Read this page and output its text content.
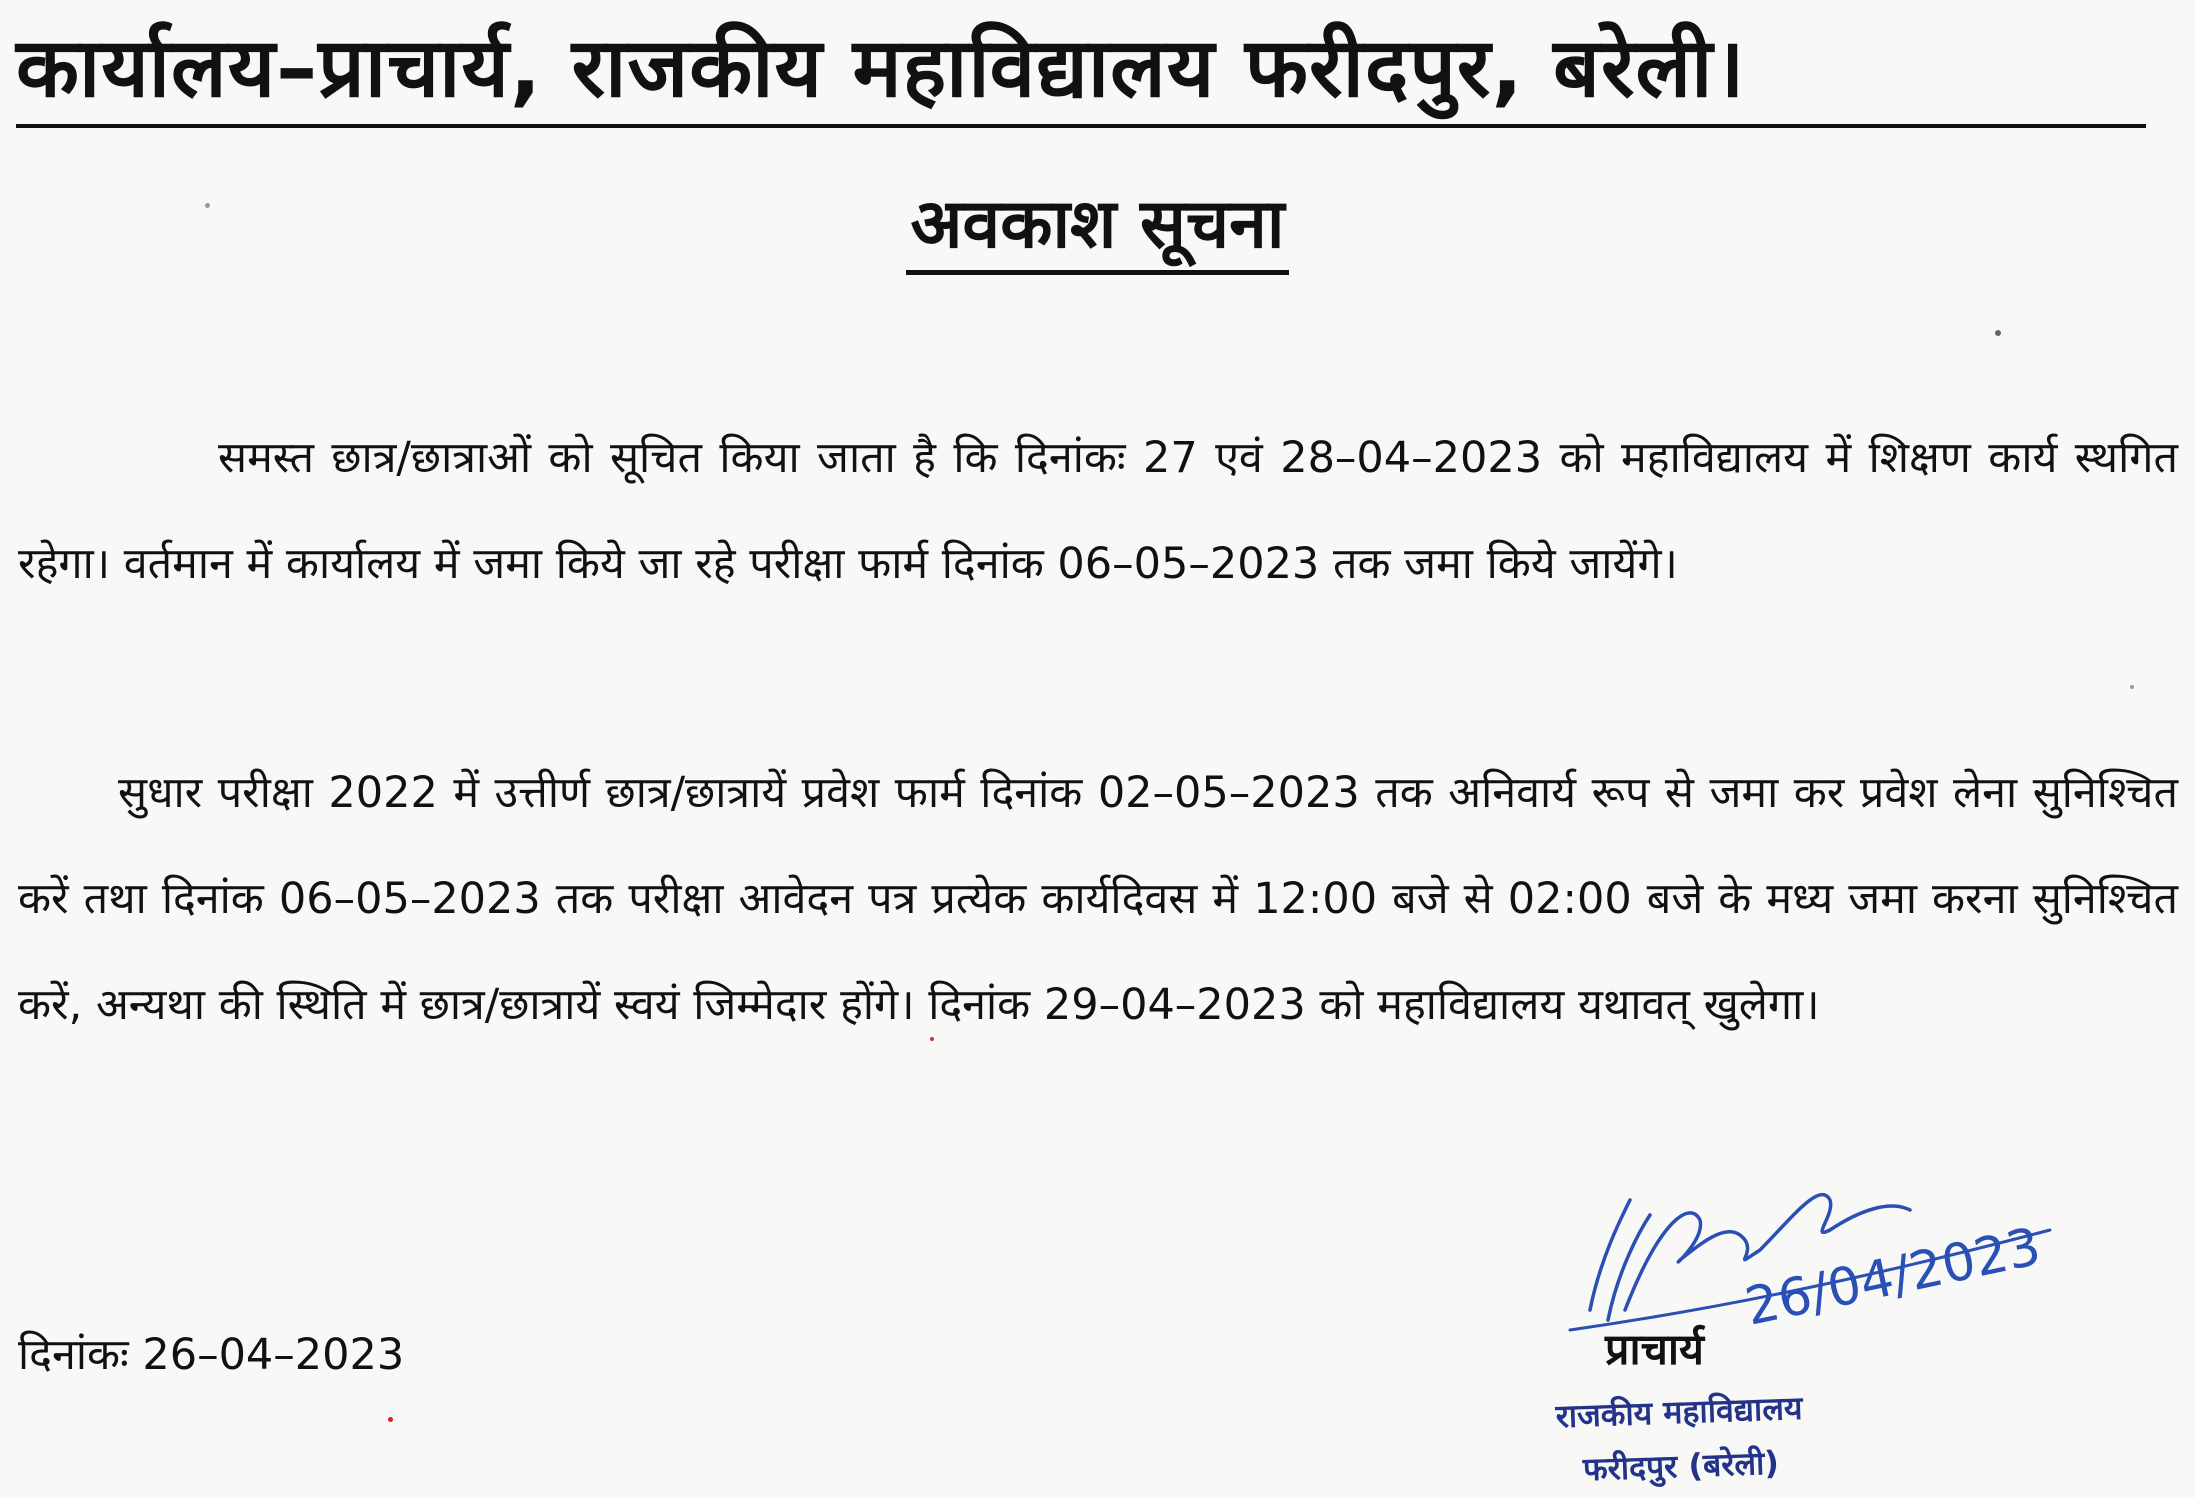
कार्यालय–प्राचार्य, राजकीय महाविद्यालय फरीदपुर, बरेली।
अवकाश सूचना

समस्त छात्र/छात्राओं को सूचित किया जाता है कि दिनांकः 27 एवं 28–04–2023 को महाविद्यालय में शिक्षण कार्य स्थगित रहेगा। वर्तमान में कार्यालय में जमा किये जा रहे परीक्षा फार्म दिनांक 06–05–2023 तक जमा किये जायेंगे।

सुधार परीक्षा 2022 में उत्तीर्ण छात्र/छात्रायें प्रवेश फार्म दिनांक 02–05–2023 तक अनिवार्य रूप से जमा कर प्रवेश लेना सुनिश्चित करें तथा दिनांक 06–05–2023 तक परीक्षा आवेदन पत्र प्रत्येक कार्यदिवस में 12:00 बजे से 02:00 बजे के मध्य जमा करना सुनिश्चित करें, अन्यथा की स्थिति में छात्र/छात्रायें स्वयं जिम्मेदार होंगे। दिनांक 29–04–2023 को महाविद्यालय यथावत् खुलेगा।

दिनांकः 26–04–2023	प्राचार्य

26/04/2023
राजकीय महाविद्यालय
फरीदपुर (बरेली)
